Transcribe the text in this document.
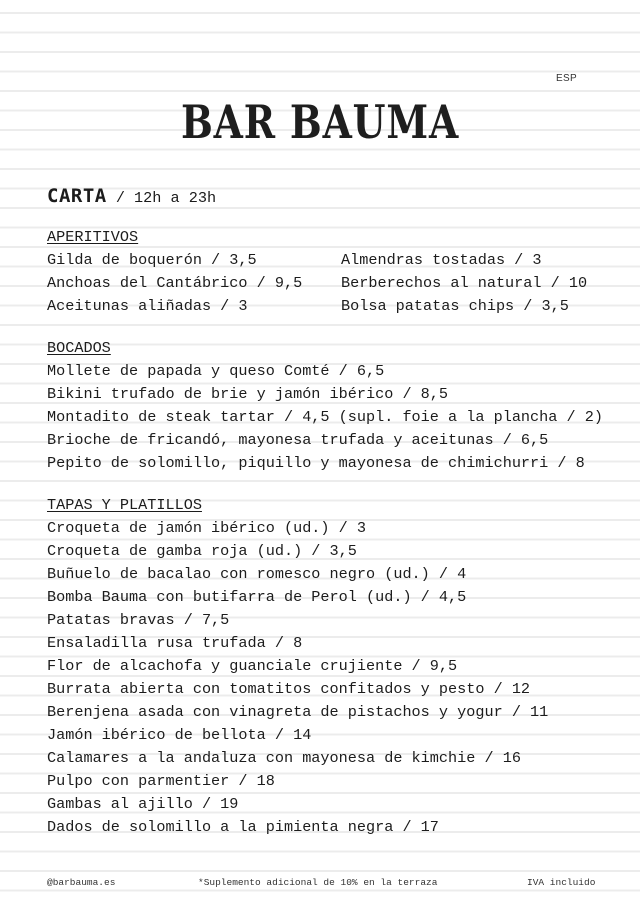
ESP
BAR BAUMA
CARTA / 12h a 23h
APERITIVOS
Gilda de boquerón / 3,5
Anchoas del Cantábrico / 9,5
Aceitunas aliñadas / 3
Almendras tostadas / 3
Berberechos al natural / 10
Bolsa patatas chips / 3,5
BOCADOS
Mollete de papada y queso Comté / 6,5
Bikini trufado de brie y jamón ibérico / 8,5
Montadito de steak tartar / 4,5 (supl. foie a la plancha / 2)
Brioche de fricandó, mayonesa trufada y aceitunas / 6,5
Pepito de solomillo, piquillo y mayonesa de chimichurri / 8
TAPAS Y PLATILLOS
Croqueta de jamón ibérico (ud.) / 3
Croqueta de gamba roja (ud.) / 3,5
Buñuelo de bacalao con romesco negro (ud.) / 4
Bomba Bauma con butifarra de Perol (ud.) / 4,5
Patatas bravas / 7,5
Ensaladilla rusa trufada / 8
Flor de alcachofa y guanciale crujiente / 9,5
Burrata abierta con tomatitos confitados y pesto / 12
Berenjena asada con vinagreta de pistachos y yogur / 11
Jamón ibérico de bellota / 14
Calamares a la andaluza con mayonesa de kimchie / 16
Pulpo con parmentier / 18
Gambas al ajillo / 19
Dados de solomillo a la pimienta negra / 17
@barbauma.es	*Suplemento adicional de 10% en la terraza	IVA incluido
